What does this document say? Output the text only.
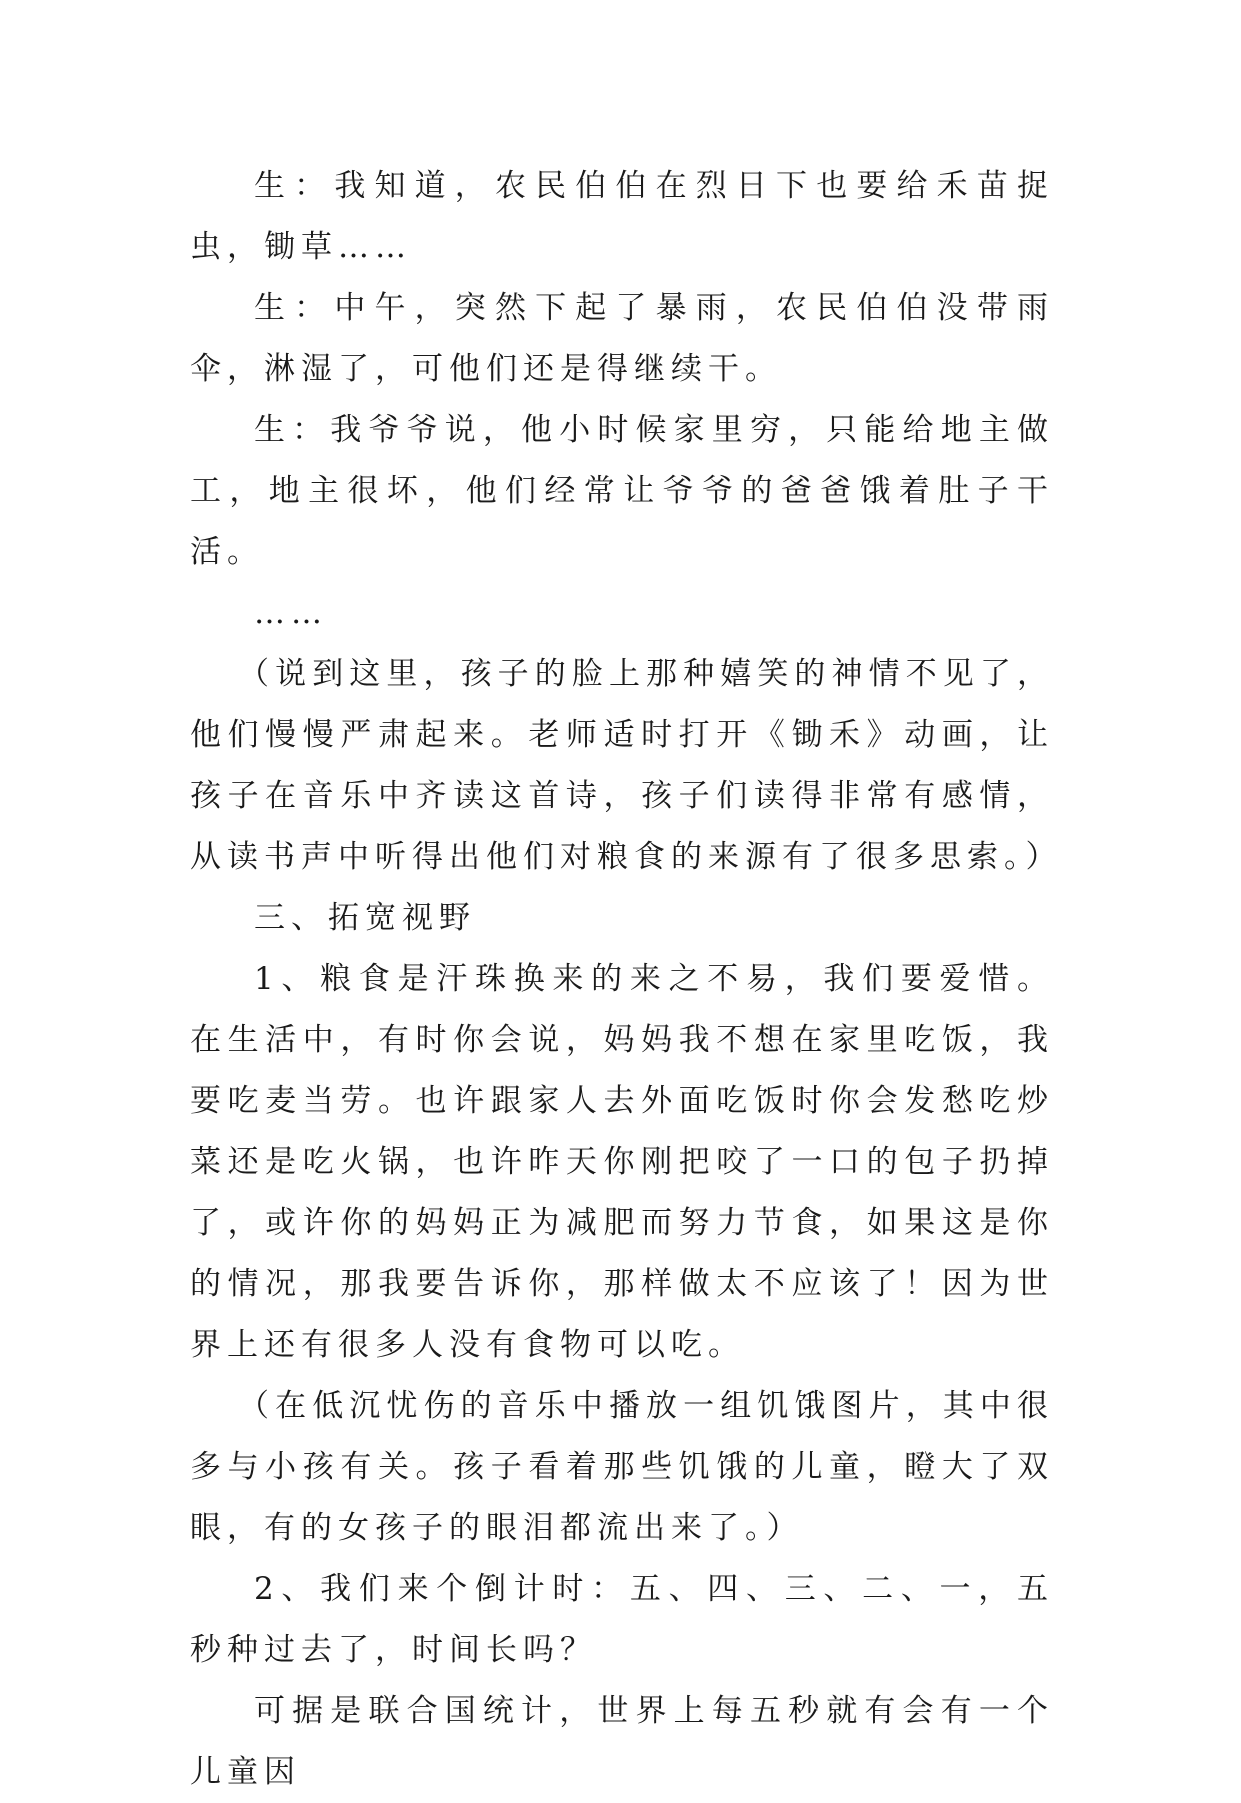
生：我知道，农民伯伯在烈日下也要给禾苗捉虫，锄草……

生：中午，突然下起了暴雨，农民伯伯没带雨伞，淋湿了，可他们还是得继续干。

生：我爷爷说，他小时候家里穷，只能给地主做工，地主很坏，他们经常让爷爷的爸爸饿着肚子干活。

……

（说到这里，孩子的脸上那种嬉笑的神情不见了，他们慢慢严肃起来。老师适时打开《锄禾》动画，让孩子在音乐中齐读这首诗，孩子们读得非常有感情，从读书声中听得出他们对粮食的来源有了很多思索。）

三、拓宽视野

1、粮食是汗珠换来的来之不易，我们要爱惜。在生活中，有时你会说，妈妈我不想在家里吃饭，我要吃麦当劳。也许跟家人去外面吃饭时你会发愁吃炒菜还是吃火锅，也许昨天你刚把咬了一口的包子扔掉了，或许你的妈妈正为减肥而努力节食，如果这是你的情况，那我要告诉你，那样做太不应该了！因为世界上还有很多人没有食物可以吃。

（在低沉忧伤的音乐中播放一组饥饿图片，其中很多与小孩有关。孩子看着那些饥饿的儿童，瞪大了双眼，有的女孩子的眼泪都流出来了。）

2、我们来个倒计时：五、四、三、二、一，五秒种过去了，时间长吗？

可据是联合国统计，世界上每五秒就有会有一个儿童因
